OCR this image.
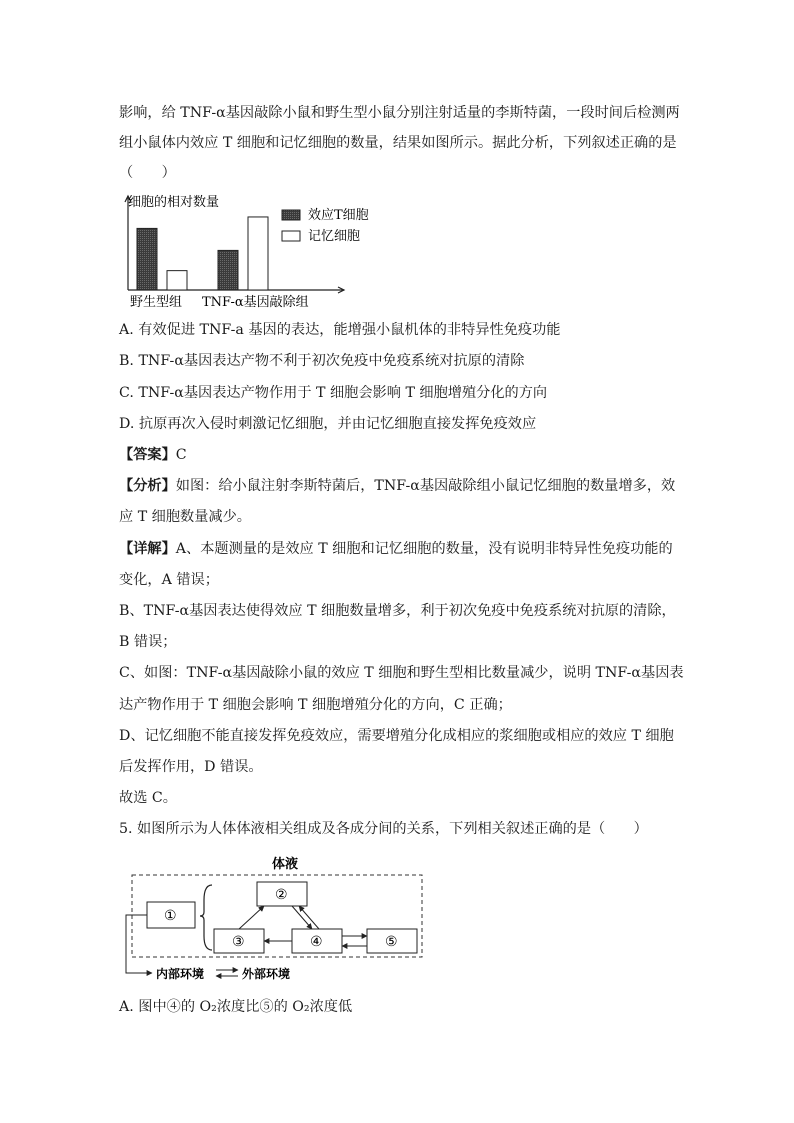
影响，给 TNF-α基因敲除小鼠和野生型小鼠分别注射适量的李斯特菌，一段时间后检测两
组小鼠体内效应 T 细胞和记忆细胞的数量，结果如图所示。据此分析，下列叙述正确的是
（　　）
细胞的相对数量
效应T细胞
记忆细胞
野生型组 TNF-α基因敲除组
A. 有效促进 TNF-a 基因的表达，能增强小鼠机体的非特异性免疫功能
B. TNF-α基因表达产物不利于初次免疫中免疫系统对抗原的清除
C. TNF-α基因表达产物作用于 T 细胞会影响 T 细胞增殖分化的方向
D. 抗原再次入侵时刺激记忆细胞，并由记忆细胞直接发挥免疫效应
【答案】C
【分析】如图：给小鼠注射李斯特菌后，TNF-α基因敲除组小鼠记忆细胞的数量增多，效
应 T 细胞数量减少。
【详解】A、本题测量的是效应 T 细胞和记忆细胞的数量，没有说明非特异性免疫功能的
变化，A 错误；
B、TNF-α基因表达使得效应 T 细胞数量增多，利于初次免疫中免疫系统对抗原的清除，
B 错误；
C、如图：TNF-α基因敲除小鼠的效应 T 细胞和野生型相比数量减少，说明 TNF-α基因表
达产物作用于 T 细胞会影响 T 细胞增殖分化的方向，C 正确；
D、记忆细胞不能直接发挥免疫效应，需要增殖分化成相应的浆细胞或相应的效应 T 细胞
后发挥作用，D 错误。
故选 C。
5. 如图所示为人体体液相关组成及各成分间的关系，下列相关叙述正确的是（　　）
体液
①
②
③	④	⑤
内部环境	外部环境
A. 图中④的 O₂浓度比⑤的 O₂浓度低
